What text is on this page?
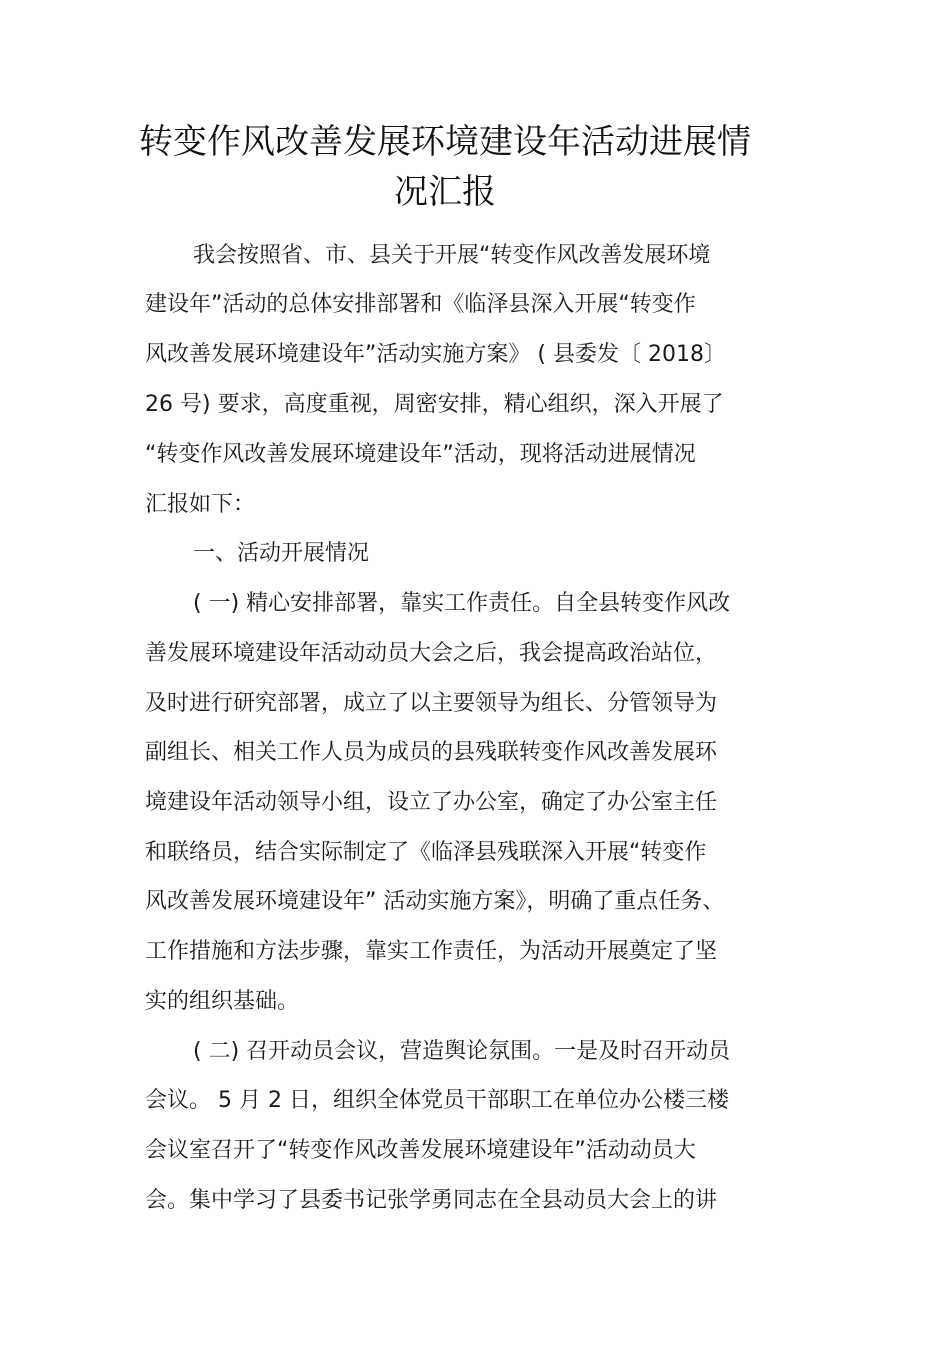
转变作风改善发展环境建设年活动进展情
况汇报
我会按照省、市、县关于开展“转变作风改善发展环境
建设年”活动的总体安排部署和《临泽县深入开展“转变作
风改善发展环境建设年”活动实施方案》 ( 县委发〔 2018〕
26 号) 要求，高度重视，周密安排，精心组织，深入开展了
“转变作风改善发展环境建设年”活动，现将活动进展情况
汇报如下：
一、活动开展情况
( 一) 精心安排部署，靠实工作责任。自全县转变作风改
善发展环境建设年活动动员大会之后，我会提高政治站位，
及时进行研究部署，成立了以主要领导为组长、分管领导为
副组长、相关工作人员为成员的县残联转变作风改善发展环
境建设年活动领导小组，设立了办公室，确定了办公室主任
和联络员，结合实际制定了《临泽县残联深入开展“转变作
风改善发展环境建设年” 活动实施方案》，明确了重点任务、
工作措施和方法步骤，靠实工作责任，为活动开展奠定了坚
实的组织基础。
( 二) 召开动员会议，营造舆论氛围。一是及时召开动员
会议。 5 月 2 日，组织全体党员干部职工在单位办公楼三楼
会议室召开了“转变作风改善发展环境建设年”活动动员大
会。集中学习了县委书记张学勇同志在全县动员大会上的讲
